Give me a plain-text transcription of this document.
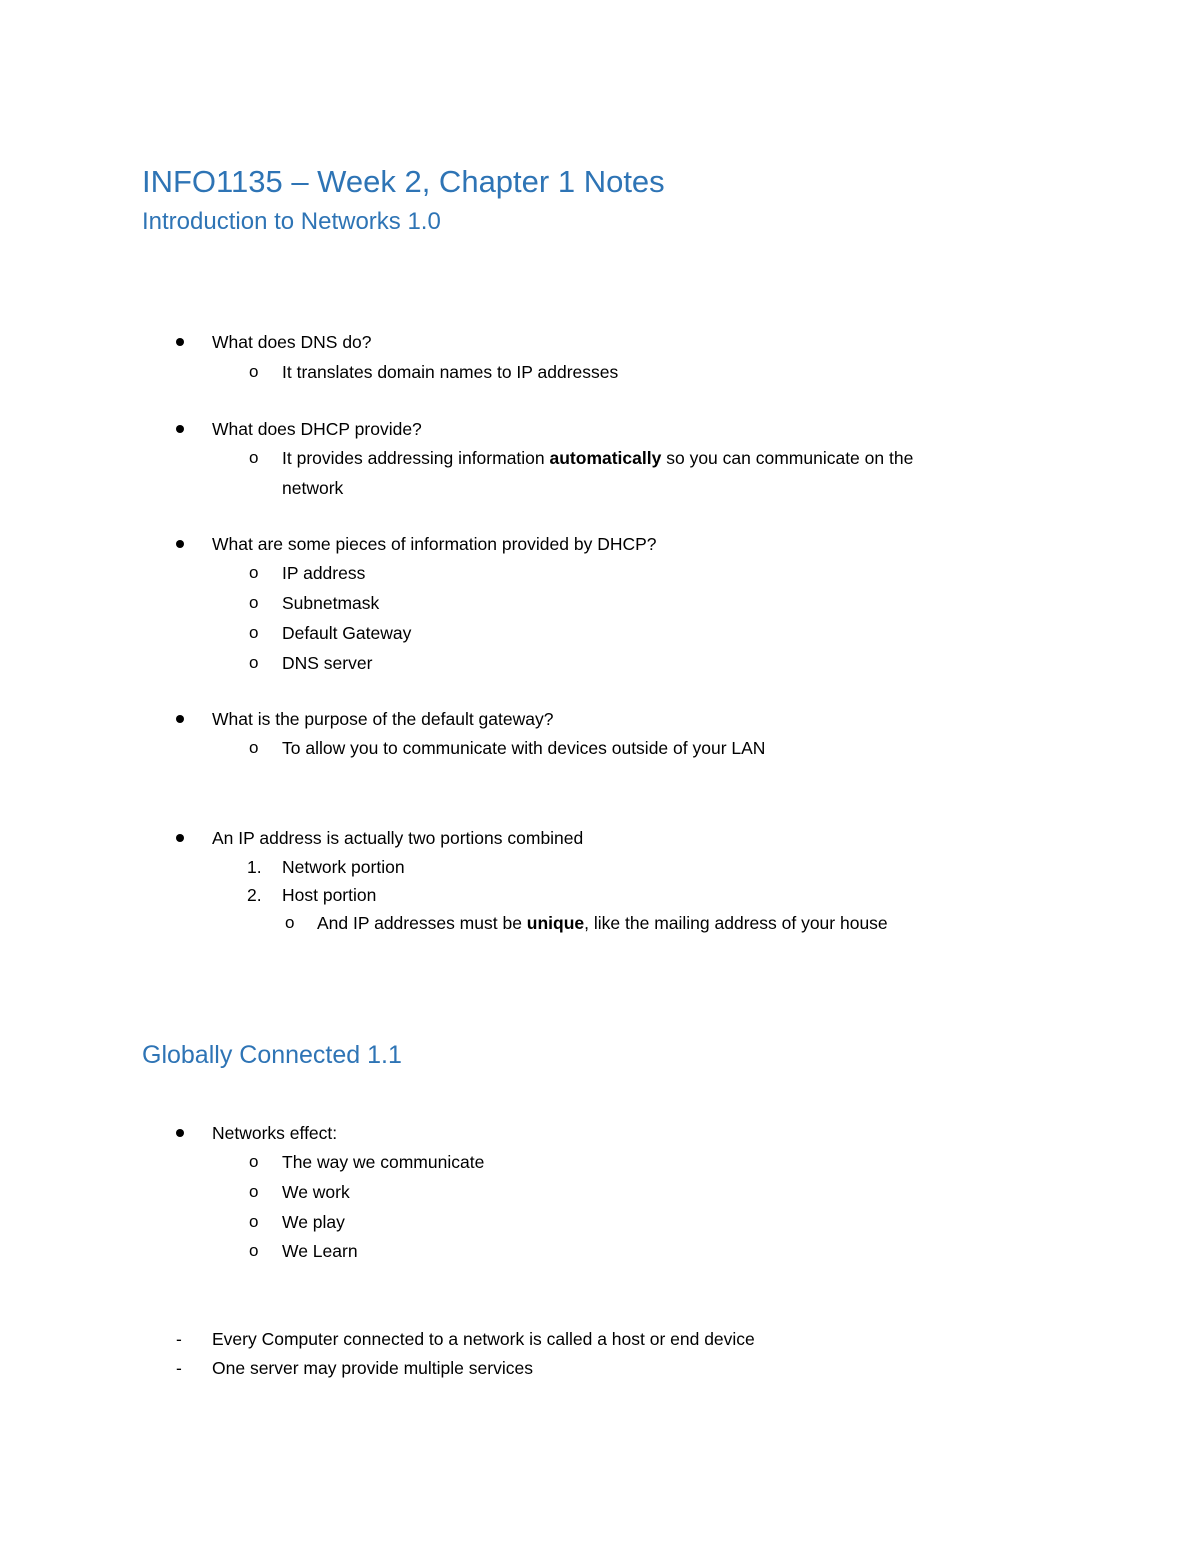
INFO1135 – Week 2, Chapter 1 Notes
Introduction to Networks 1.0
What does DNS do?
o It translates domain names to IP addresses
What does DHCP provide?
o It provides addressing information automatically so you can communicate on the
network
What are some pieces of information provided by DHCP?
o IP address
o Subnetmask
o Default Gateway
o DNS server
What is the purpose of the default gateway?
o To allow you to communicate with devices outside of your LAN
An IP address is actually two portions combined
1. Network portion
2. Host portion
o And IP addresses must be unique, like the mailing address of your house
Globally Connected 1.1
Networks effect:
o The way we communicate
o We work
o We play
o We Learn
- Every Computer connected to a network is called a host or end device
- One server may provide multiple services
